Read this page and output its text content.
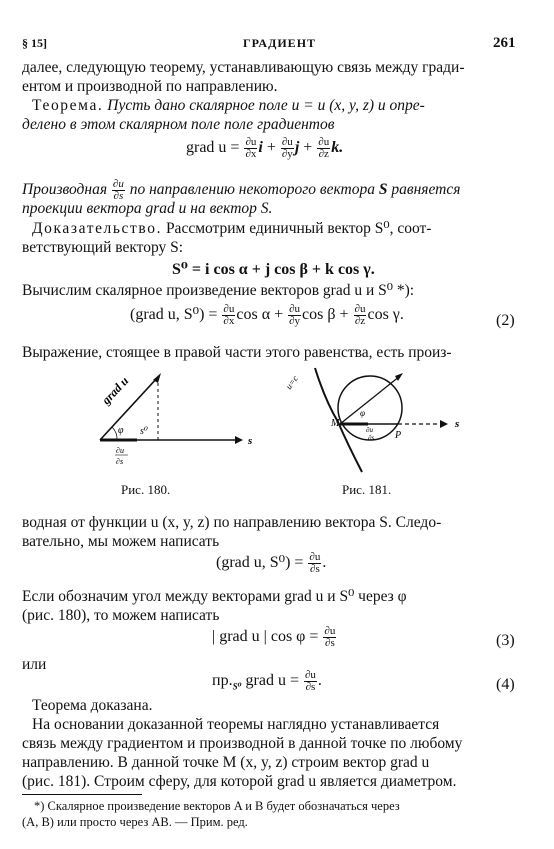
§ 15]	ГРАДИЕНТ	261
далее, следующую теорему, устанавливающую связь между гради-
ентом и производной по направлению.
Теорема. Пусть дано скалярное поле u = u (x, y, z) и опре-
делено в этом скалярном поле поле градиентов
grad $u = \frac{\partial u}{\partial x}$ $i + \frac{\partial u}{\partial y}$ $j + \frac{\partial u}{\partial z} k$.
Производная $\frac{\partial u}{\partial s}$ по направлению некоторого вектора S равняется
проекции вектора grad u на вектор S.
Доказательство. Рассмотрим единичный вектор S⁰, соот-
ветствующий вектору S:
S⁰ = i cos α + j cos β + k cos γ.
Вычислим скалярное произведение векторов grad u и S⁰ *):
(grad u, $S^0) = \frac{\partial u}{\partial x}$ $\cos \alpha + \frac{\partial u}{\partial y}$ $\cos \beta + \frac{\partial u}{\partial z}$ cos γ.	(2)
Выражение, стоящее в правой части этого равенства, есть произ-
grad u
φ s⁰
s
∂u
∂s
Рис. 180.
u=c
M
P
φ
s
∂u
∂s
Рис. 181.
водная от функции u (x, y, z) по направлению вектора S. Следо-
вательно, мы можем написать
(grad u, $S^0) = \frac{\partial u}{\partial s}$ .
Если обозначим угол между векторами grad u и S⁰ через φ
(рис. 180), то можем написать
| grad u | $\cos \varphi = \frac{\partial u}{\partial s}$	(3)
или
$пр._{S^0}$ grad $u = \frac{\partial u}{\partial s}$ .	(4)
Теорема доказана.
На основании доказанной теоремы наглядно устанавливается
связь между градиентом и производной в данной точке по любому
направлению. В данной точке M (x, y, z) строим вектор grad u
(рис. 181). Строим сферу, для которой grad u является диаметром.
*) Скалярное произведение векторов A и B будет обозначаться через
(A, B) или просто через AB. — Прим. ред.
